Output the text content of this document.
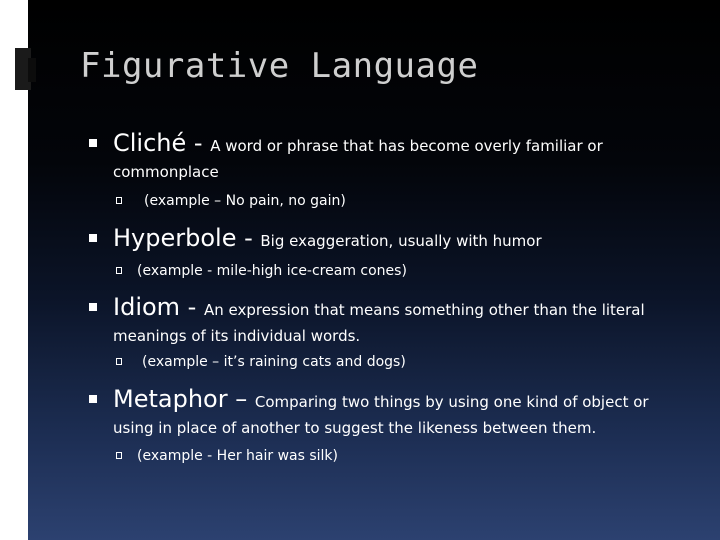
Figurative Language
Cliché - A word or phrase that has become overly familiar or commonplace
(example – No pain, no gain)
Hyperbole - Big exaggeration, usually with humor
(example - mile-high ice-cream cones)
Idiom - An expression that means something other than the literal meanings of its individual words.
(example – it’s raining cats and dogs)
Metaphor – Comparing two things by using one kind of object or using in place of another to suggest the likeness between them.
(example - Her hair was silk)
